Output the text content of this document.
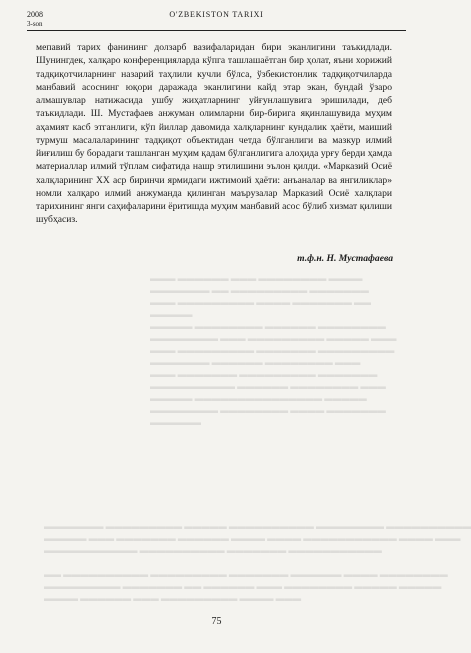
2008
3-son
O'ZBEKISTON TARIXI

мепавий тарих фанининг долзарб вазифаларидан бири эканлигини таъкидлади. Шунингдек, халқаро конференцияларда кўпга ташлашаётган бир ҳолат, яъни хорижий тадқиқотчиларнинг назарий таҳлили кучли бўлса, ўзбекистонлик тадқиқотчиларда манбавий асоснинг юқори даражада эканлигини кайд этар экан, бундай ўзаро алмашувлар натижасида ушбу жиҳатларнинг уйғунлашувига эришилади, деб таъкидлади. Ш. Мустафаев анжуман олимларни бир-бирига яқинлашувида муҳим аҳамият касб этганлиги, кўп йиллар давомида халқларнинг кундалик ҳаёти, маиший турмуш масалаларининг тадқиқот объектидан четда бўлганлиги ва мазкур илмий йиғилиш бу борадаги ташланган муҳим қадам бўлганлигига алоҳида урғу берди ҳамда материаллар илмий тўплам сифатида нашр этилишини эълон қилди. «Марказий Осиё халқларининг XX аср биринчи ярмидаги ижтимоий ҳаёти: анъаналар ва янгиликлар» номли халқаро илмий анжуманда қилинган маърузалар Марказий Осиё халқлари тарихининг янги саҳифаларини ёритишда муҳим манбавий асос бўлиб хизмат қилиши шубҳасиз.

т.ф.н. Н. Мустафаева
▬▬▬ ▬▬▬▬▬▬ ▬▬▬ ▬▬▬▬▬▬▬▬ ▬▬▬▬
▬▬▬▬▬▬▬ ▬▬ ▬▬▬▬▬▬▬▬▬ ▬▬▬▬▬▬▬
▬▬▬ ▬▬▬▬▬▬▬▬▬ ▬▬▬▬ ▬▬▬▬▬▬▬ ▬▬
▬▬▬▬▬
▬▬▬▬▬ ▬▬▬▬▬▬▬▬ ▬▬▬▬▬▬ ▬▬▬▬▬▬▬▬
▬▬▬▬▬▬▬▬ ▬▬▬ ▬▬▬▬▬▬▬▬▬ ▬▬▬▬▬ ▬▬▬
▬▬▬ ▬▬▬▬▬▬▬▬▬ ▬▬▬▬▬▬▬ ▬▬▬▬▬▬▬▬▬
▬▬▬▬▬▬▬ ▬▬▬▬▬▬ ▬▬▬▬▬▬▬▬ ▬▬▬
▬▬▬ ▬▬▬▬▬▬▬ ▬▬▬▬▬▬▬▬▬ ▬▬▬▬▬▬▬
▬▬▬▬▬▬▬▬▬▬ ▬▬▬▬▬▬ ▬▬▬▬▬▬▬▬ ▬▬▬
▬▬▬▬▬ ▬▬▬▬▬▬▬▬▬▬▬▬▬▬▬ ▬▬▬▬▬
▬▬▬▬▬▬▬▬ ▬▬▬▬▬▬▬▬ ▬▬▬▬ ▬▬▬▬▬▬▬
▬▬▬▬▬▬
▬▬▬▬▬▬▬ ▬▬▬▬▬▬▬▬▬ ▬▬▬▬▬ ▬▬▬▬▬▬▬▬▬▬ ▬▬▬▬▬▬▬▬ ▬▬▬▬▬▬▬▬▬▬
▬▬▬▬▬ ▬▬▬ ▬▬▬▬▬▬▬ ▬▬▬▬▬▬ ▬▬▬▬ ▬▬▬▬ ▬▬▬▬▬▬▬▬▬▬▬ ▬▬▬▬ ▬▬▬
▬▬▬▬▬▬▬▬▬▬▬ ▬▬▬▬▬▬▬▬▬▬ ▬▬▬▬▬▬▬ ▬▬▬▬▬▬▬▬▬▬▬

▬▬ ▬▬▬▬▬▬▬▬▬▬ ▬▬▬▬▬▬▬▬▬ ▬▬▬▬▬▬▬ ▬▬▬▬▬▬ ▬▬▬▬ ▬▬▬▬▬▬▬▬
▬▬▬▬▬▬▬▬▬ ▬▬▬▬▬▬▬ ▬▬ ▬▬▬▬▬▬ ▬▬▬ ▬▬▬▬▬▬▬▬ ▬▬▬▬▬ ▬▬▬▬▬
▬▬▬▬ ▬▬▬▬▬▬ ▬▬▬ ▬▬▬▬▬▬▬▬▬ ▬▬▬▬ ▬▬▬
75
